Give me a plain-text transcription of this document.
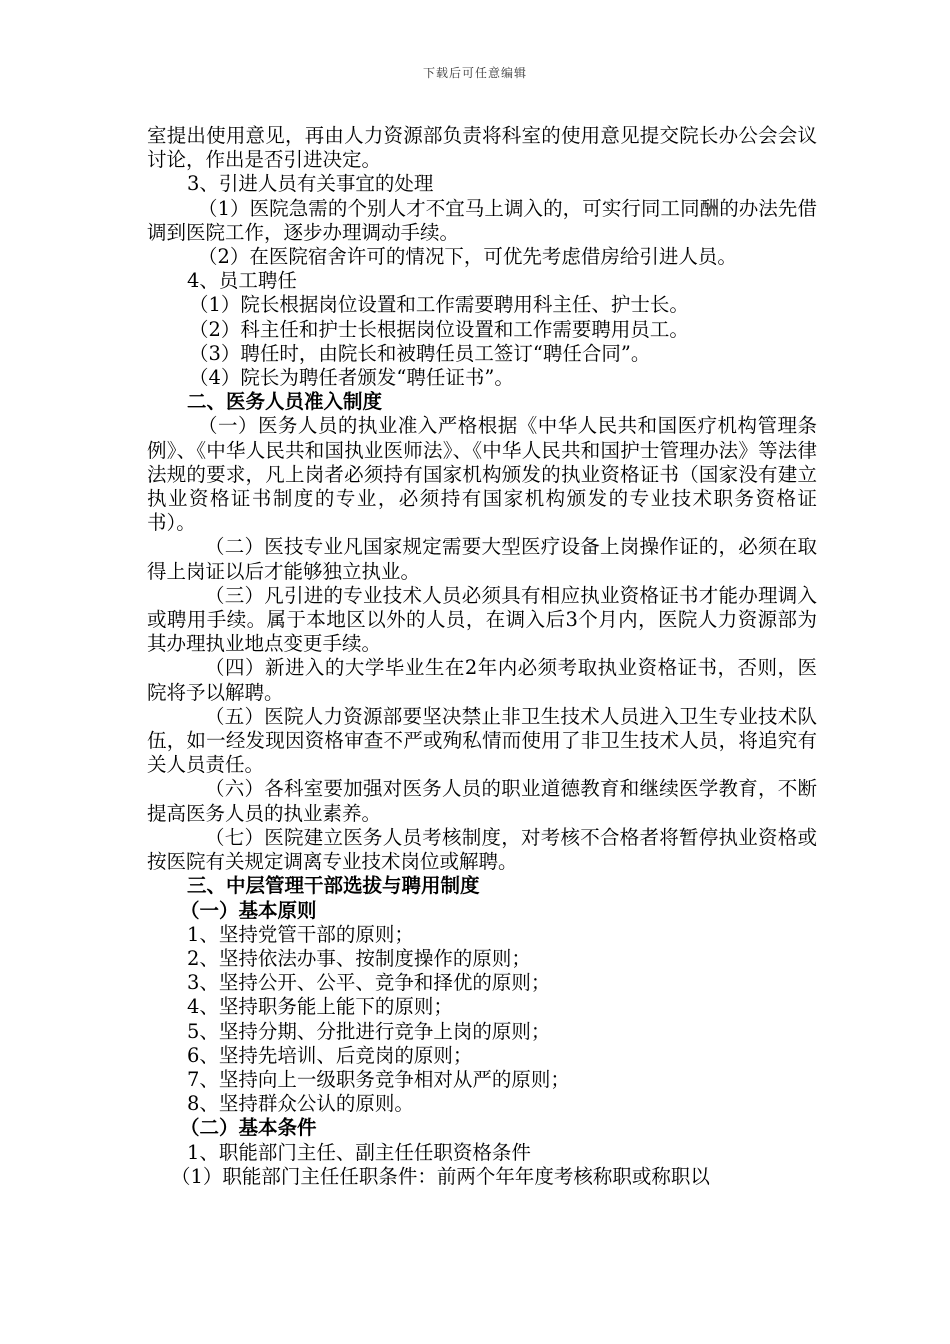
下载后可任意编辑

室提出使用意见，再由人力资源部负责将科室的使用意见提交院长办公会会议讨论，作出是否引进决定。

3、引进人员有关事宜的处理

（1）医院急需的个别人才不宜马上调入的，可实行同工同酬的办法先借调到医院工作，逐步办理调动手续。

（2）在医院宿舍许可的情况下，可优先考虑借房给引进人员。

4、员工聘任

（1）院长根据岗位设置和工作需要聘用科主任、护士长。

（2）科主任和护士长根据岗位设置和工作需要聘用员工。

（3）聘任时，由院长和被聘任员工签订“聘任合同”。

（4）院长为聘任者颁发“聘任证书”。

二、医务人员准入制度

（一）医务人员的执业准入严格根据《中华人民共和国医疗机构管理条例》、《中华人民共和国执业医师法》、《中华人民共和国护士管理办法》等法律法规的要求，凡上岗者必须持有国家机构颁发的执业资格证书（国家没有建立执业资格证书制度的专业，必须持有国家机构颁发的专业技术职务资格证书）。

（二）医技专业凡国家规定需要大型医疗设备上岗操作证的，必须在取得上岗证以后才能够独立执业。

（三）凡引进的专业技术人员必须具有相应执业资格证书才能办理调入或聘用手续。属于本地区以外的人员，在调入后3个月内，医院人力资源部为其办理执业地点变更手续。

（四）新进入的大学毕业生在2年内必须考取执业资格证书，否则，医院将予以解聘。

（五）医院人力资源部要坚决禁止非卫生技术人员进入卫生专业技术队伍，如一经发现因资格审查不严或殉私情而使用了非卫生技术人员，将追究有关人员责任。

（六）各科室要加强对医务人员的职业道德教育和继续医学教育，不断提高医务人员的执业素养。

（七）医院建立医务人员考核制度，对考核不合格者将暂停执业资格或按医院有关规定调离专业技术岗位或解聘。

三、中层管理干部选拔与聘用制度

（一）基本原则

1、坚持党管干部的原则；

2、坚持依法办事、按制度操作的原则；

3、坚持公开、公平、竞争和择优的原则；

4、坚持职务能上能下的原则；

5、坚持分期、分批进行竞争上岗的原则；

6、坚持先培训、后竞岗的原则；

7、坚持向上一级职务竞争相对从严的原则；

8、坚持群众公认的原则。

（二）基本条件

1、职能部门主任、副主任任职资格条件

（1）职能部门主任任职条件：前两个年年度考核称职或称职以
